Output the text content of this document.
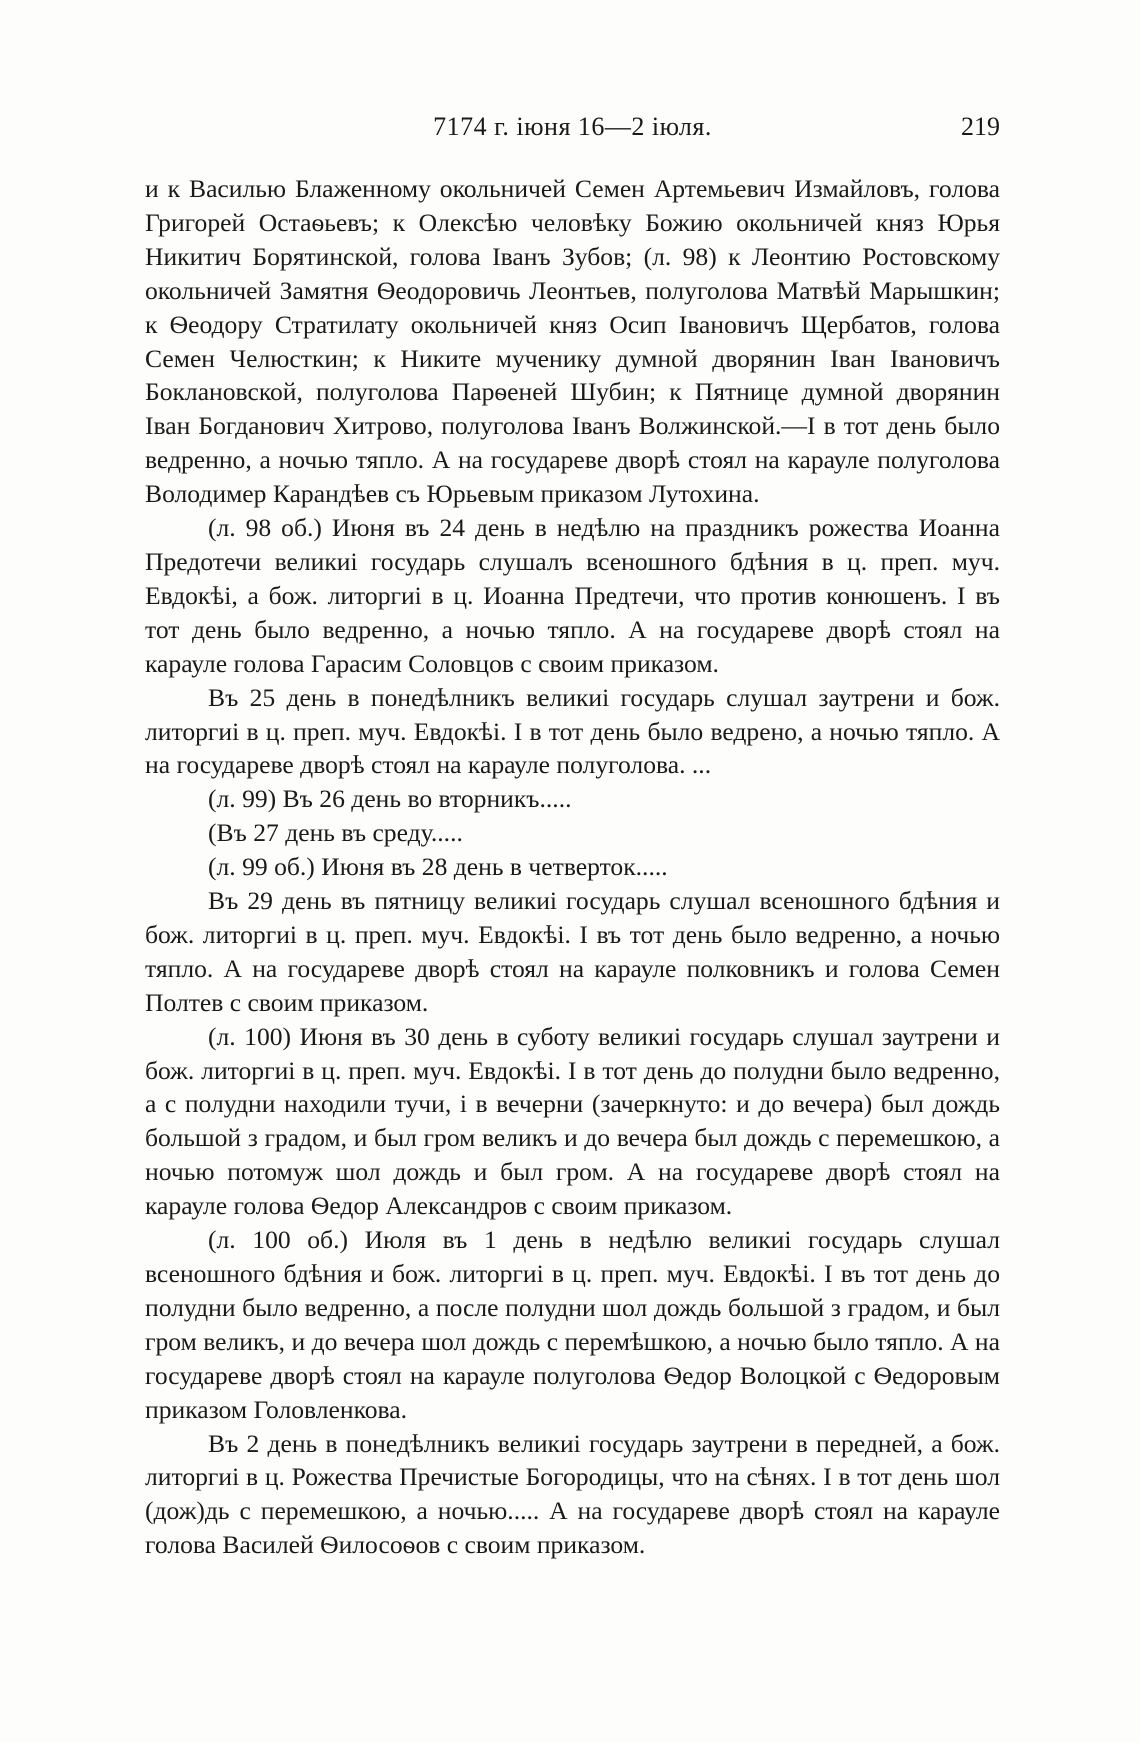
7174 г. іюня 16—2 іюля.	219

и к Василью Блаженному окольничей Семен Артемьевич Измайловъ, голова Григорей Остаѳьевъ; к Олексѣю человѣку Божию окольничей княз Юрья Никитич Борятинской, голова Іванъ Зубов; (л. 98) к Леонтию Ростовскому окольничей Замятня Ѳеодоровичь Леонтьев, полуголова Матвѣй Марышкин; к Ѳеодору Стратилату окольничей княз Осип Івановичъ Щербатов, голова Семен Челюсткин; к Никите мученику думной дворянин Іван Івановичъ Боклановской, полуголова Парѳеней Шубин; к Пятнице думной дворянин Іван Богданович Хитрово, полуголова Іванъ Волжинской.—І в тот день было ведренно, а ночью тяпло. А на государеве дворѣ стоял на карауле полуголова Володимер Карандѣев съ Юрьевым приказом Лутохина.

(л. 98 об.) Июня въ 24 день в недѣлю на праздникъ рожества Иоанна Предотечи великиі государь слушалъ всеношного бдѣния в ц. преп. муч. Евдокѣі, а бож. литоргиі в ц. Иоанна Предтечи, что против конюшенъ. І въ тот день было ведренно, а ночью тяпло. А на государеве дворѣ стоял на карауле голова Гарасим Соловцов с своим приказом.

Въ 25 день в понедѣлникъ великиі государь слушал заутрени и бож. литоргиі в ц. преп. муч. Евдокѣі. І в тот день было ведрено, а ночью тяпло. А на государеве дворѣ стоял на карауле полуголова. ...

(л. 99) Въ 26 день во вторникъ.....

(Въ 27 день въ среду.....

(л. 99 об.) Июня въ 28 день в четверток.....

Въ 29 день въ пятницу великиі государь слушал всеношного бдѣния и бож. литоргиі в ц. преп. муч. Евдокѣі. І въ тот день было ведренно, а ночью тяпло. А на государеве дворѣ стоял на карауле полковникъ и голова Семен Полтев с своим приказом.

(л. 100) Июня въ 30 день в суботу великиі государь слушал заутрени и бож. литоргиі в ц. преп. муч. Евдокѣі. І в тот день до полудни было ведренно, а с полудни находили тучи, і в вечерни (зачеркнуто: и до вечера) был дождь большой з градом, и был гром великъ и до вечера был дождь с перемешкою, а ночью потомуж шол дождь и был гром. А на государеве дворѣ стоял на карауле голова Ѳедор Александров с своим приказом.

(л. 100 об.) Июля въ 1 день в недѣлю великиі государь слушал всеношного бдѣния и бож. литоргиі в ц. преп. муч. Евдокѣі. І въ тот день до полудни было ведренно, а после полудни шол дождь большой з градом, и был гром великъ, и до вечера шол дождь с перемѣшкою, а ночью было тяпло. А на государеве дворѣ стоял на карауле полуголова Ѳедор Волоцкой с Ѳедоровым приказом Головленкова.

Въ 2 день в понедѣлникъ великиі государь заутрени в передней, а бож. литоргиі в ц. Рожества Пречистые Богородицы, что на сѣнях. І в тот день шол (дож)дь с перемешкою, а ночью..... А на государеве дворѣ стоял на карауле голова Василей Ѳилосоѳов с своим приказом.
